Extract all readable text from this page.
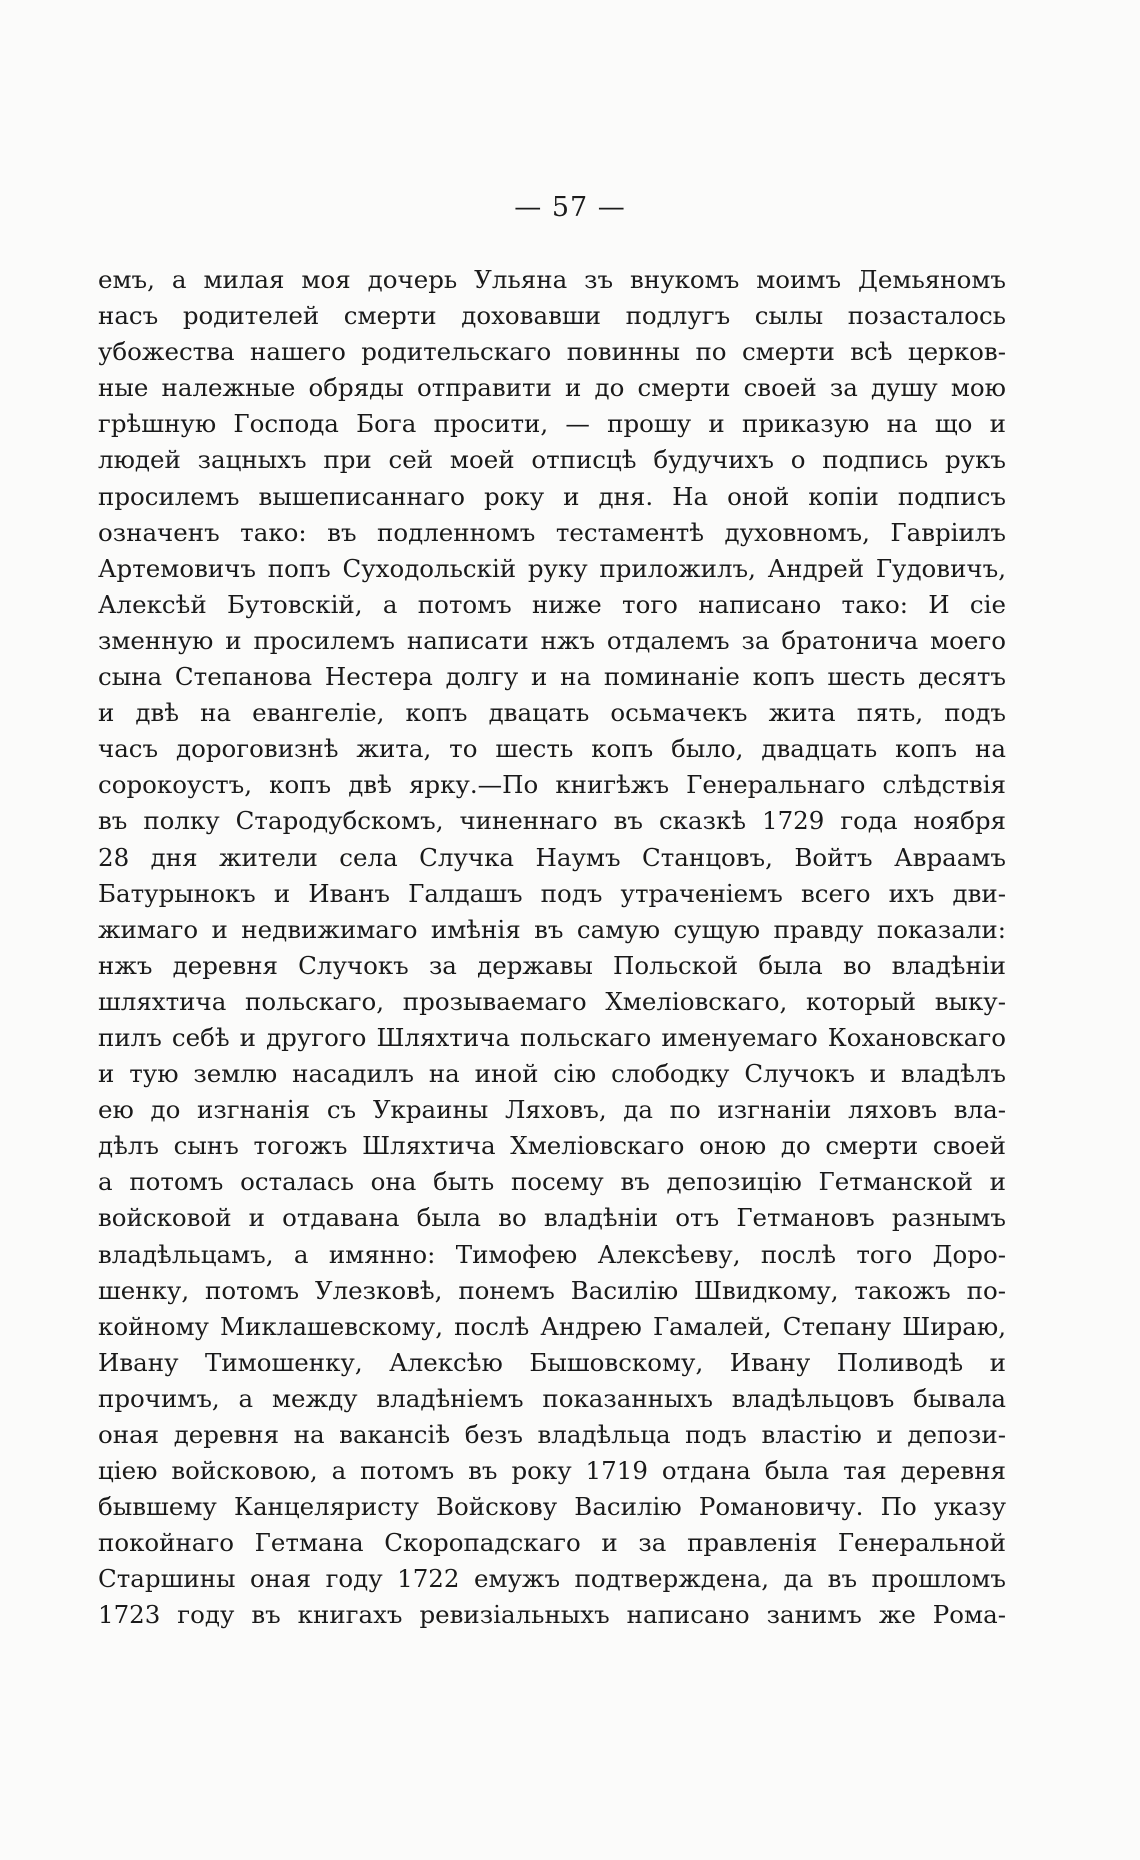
— 57 —
емъ, а милая моя дочерь Ульяна зъ внукомъ моимъ Демьяномъ
насъ родителей смерти доховавши подлугъ сылы позасталось
убожества нашего родительскаго повинны по смерти всѣ церков-
ные належные обряды отправити и до смерти своей за душу мою
грѣшную Господа Бога просити, — прошу и приказую на що и
людей зацныхъ при сей моей отписцѣ будучихъ о подпись рукъ
просилемъ вышеписаннаго року и дня. На оной копіи подписъ
означенъ тако: въ подленномъ тестаментѣ духовномъ, Гавріилъ
Артемовичъ попъ Суходольскій руку приложилъ, Андрей Гудовичъ,
Алексѣй Бутовскій, а потомъ ниже того написано тако: И сіе
зменную и просилемъ написати нжъ отдалемъ за братонича моего
сына Степанова Нестера долгу и на поминаніе копъ шесть десятъ
и двѣ на евангеліе, копъ двацать осьмачекъ жита пять, подъ
часъ дороговизнѣ жита, то шесть копъ было, двадцать копъ на
сорокоустъ, копъ двѣ ярку.—По книгѣжъ Генеральнаго слѣдствія
въ полку Стародубскомъ, чиненнаго въ сказкѣ 1729 года ноября
28 дня жители села Случка Наумъ Станцовъ, Войтъ Авраамъ
Батурынокъ и Иванъ Галдашъ подъ утраченіемъ всего ихъ дви-
жимаго и недвижимаго имѣнія въ самую сущую правду показали:
нжъ деревня Случокъ за державы Польской была во владѣніи
шляхтича польскаго, прозываемаго Хмеліовскаго, который выку-
пилъ себѣ и другого Шляхтича польскаго именуемаго Кохановскаго
и тую землю насадилъ на иной сію слободку Случокъ и владѣлъ
ею до изгнанія съ Украины Ляховъ, да по изгнаніи ляховъ вла-
дѣлъ сынъ тогожъ Шляхтича Хмеліовскаго оною до смерти своей
а потомъ осталась она быть посему въ депозицію Гетманской и
войсковой и отдавана была во владѣніи отъ Гетмановъ разнымъ
владѣльцамъ, а имянно: Тимофею Алексѣеву, послѣ того Доро-
шенку, потомъ Улезковѣ, понемъ Василію Швидкому, такожъ по-
койному Миклашевскому, послѣ Андрею Гамалей, Степану Шираю,
Ивану Тимошенку, Алексѣю Бышовскому, Ивану Поливодѣ и
прочимъ, а между владѣніемъ показанныхъ владѣльцовъ бывала
оная деревня на вакансіѣ безъ владѣльца подъ властію и депози-
ціею войсковою, а потомъ въ року 1719 отдана была тая деревня
бывшему Канцеляристу Войскову Василію Романовичу. По указу
покойнаго Гетмана Скоропадскаго и за правленія Генеральной
Старшины оная году 1722 емужъ подтверждена, да въ прошломъ
1723 году въ книгахъ ревизіальныхъ написано занимъ же Рома-
